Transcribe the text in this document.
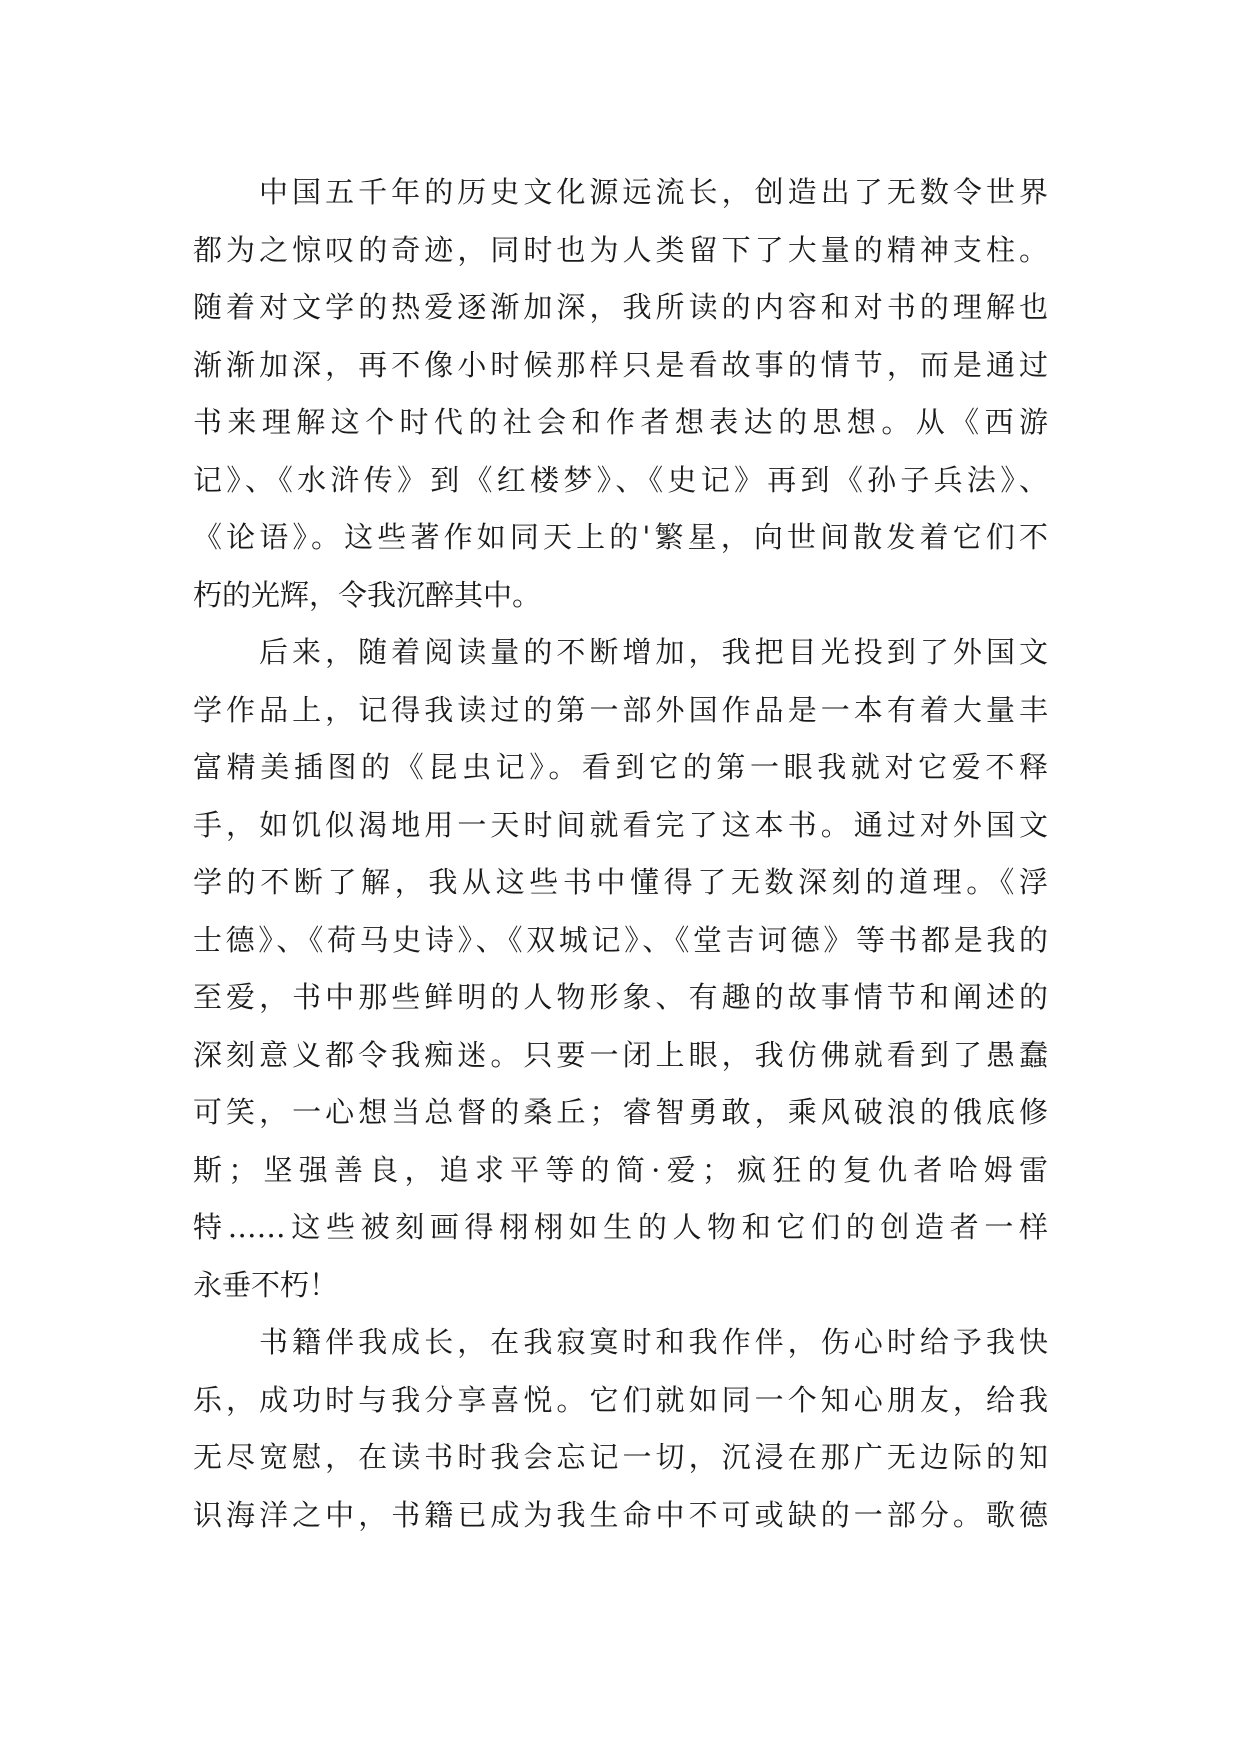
中国五千年的历史文化源远流长，创造出了无数令世界
都为之惊叹的奇迹，同时也为人类留下了大量的精神支柱。
随着对文学的热爱逐渐加深，我所读的内容和对书的理解也
渐渐加深，再不像小时候那样只是看故事的情节，而是通过
书来理解这个时代的社会和作者想表达的思想。从《西游
记》、《水浒传》到《红楼梦》、《史记》再到《孙子兵法》、
《论语》。这些著作如同天上的'繁星，向世间散发着它们不
朽的光辉，令我沉醉其中。
后来，随着阅读量的不断增加，我把目光投到了外国文
学作品上，记得我读过的第一部外国作品是一本有着大量丰
富精美插图的《昆虫记》。看到它的第一眼我就对它爱不释
手，如饥似渴地用一天时间就看完了这本书。通过对外国文
学的不断了解，我从这些书中懂得了无数深刻的道理。《浮
士德》、《荷马史诗》、《双城记》、《堂吉诃德》等书都是我的
至爱，书中那些鲜明的人物形象、有趣的故事情节和阐述的
深刻意义都令我痴迷。只要一闭上眼，我仿佛就看到了愚蠢
可笑，一心想当总督的桑丘；睿智勇敢，乘风破浪的俄底修
斯；坚强善良，追求平等的简·爱；疯狂的复仇者哈姆雷
特……这些被刻画得栩栩如生的人物和它们的创造者一样
永垂不朽！
书籍伴我成长，在我寂寞时和我作伴，伤心时给予我快
乐，成功时与我分享喜悦。它们就如同一个知心朋友，给我
无尽宽慰，在读书时我会忘记一切，沉浸在那广无边际的知
识海洋之中，书籍已成为我生命中不可或缺的一部分。歌德
